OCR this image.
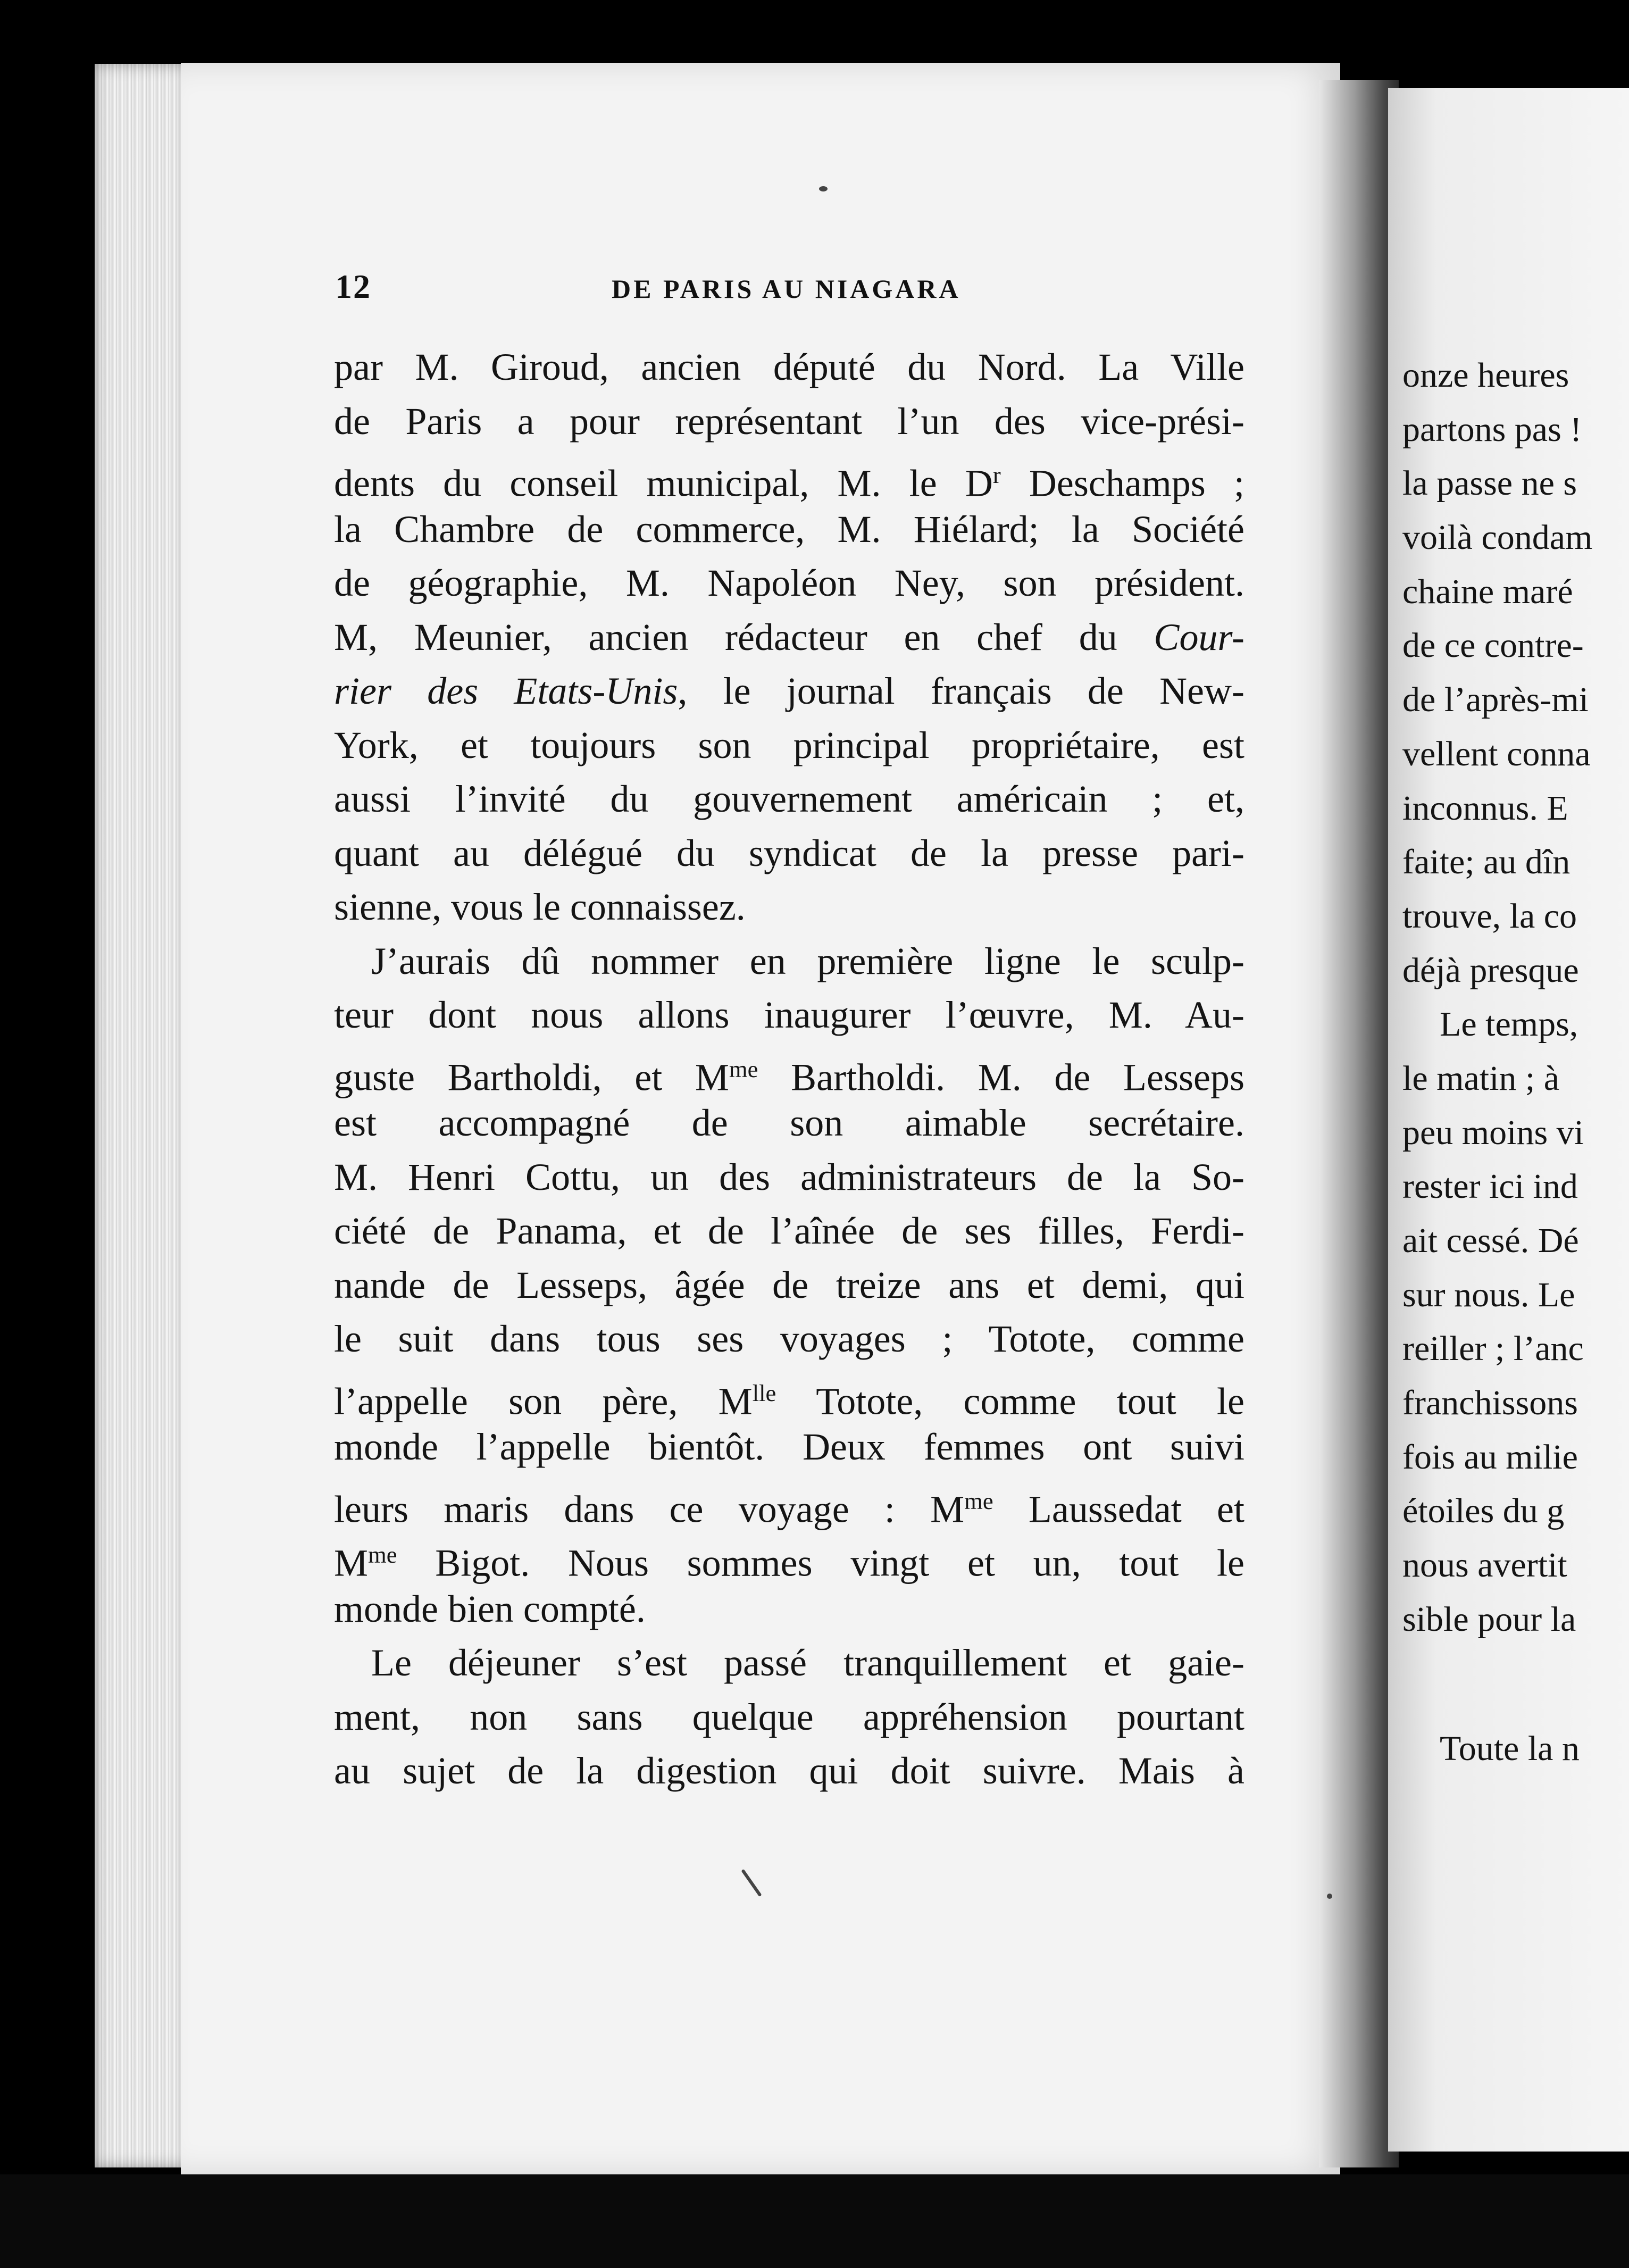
12	DE PARIS AU NIAGARA
par M. Giroud, ancien député du Nord. La Ville
de Paris a pour représentant l’un des vice-prési-
dents du conseil municipal, M. le $D^r$ Deschamps ;
la Chambre de commerce, M. Hiélard; la Société
de géographie, M. Napoléon Ney, son président.
M, Meunier, ancien rédacteur en chef du Cour-
rier des Etats-Unis, le journal français de New-
York, et toujours son principal propriétaire, est
aussi l’invité du gouvernement américain ; et,
quant au délégué du syndicat de la presse pari-
sienne, vous le connaissez.
J’aurais dû nommer en première ligne le sculp-
teur dont nous allons inaugurer l’œuvre, M. Au-
guste Bartholdi, et $M^{me}$ Bartholdi. M. de Lesseps
est accompagné de son aimable secrétaire.
M. Henri Cottu, un des administrateurs de la So-
ciété de Panama, et de l’aînée de ses filles, Ferdi-
nande de Lesseps, âgée de treize ans et demi, qui
le suit dans tous ses voyages ; Totote, comme
l’appelle son père, $M^{lle}$ Totote, comme tout le
monde l’appelle bientôt. Deux femmes ont suivi
leurs maris dans ce voyage : $M^{me}$ Laussedat et
$M^{me}$ Bigot. Nous sommes vingt et un, tout le
monde bien compté.
Le déjeuner s’est passé tranquillement et gaie-
ment, non sans quelque appréhension pourtant
au sujet de la digestion qui doit suivre. Mais à
onze heures
partons pas !
la passe ne s
voilà condam
chaine maré
de ce contre-
de l’après-mi
vellent conna
inconnus. E
faite; au dîn
trouve, la co
déjà presque
Le temps,
le matin ; à
peu moins vi
rester ici ind
ait cessé. Dé
sur nous. Le
reiller ; l’anc
franchissons
fois au milie
étoiles du g
nous avertit
sible pour la
Toute la n
